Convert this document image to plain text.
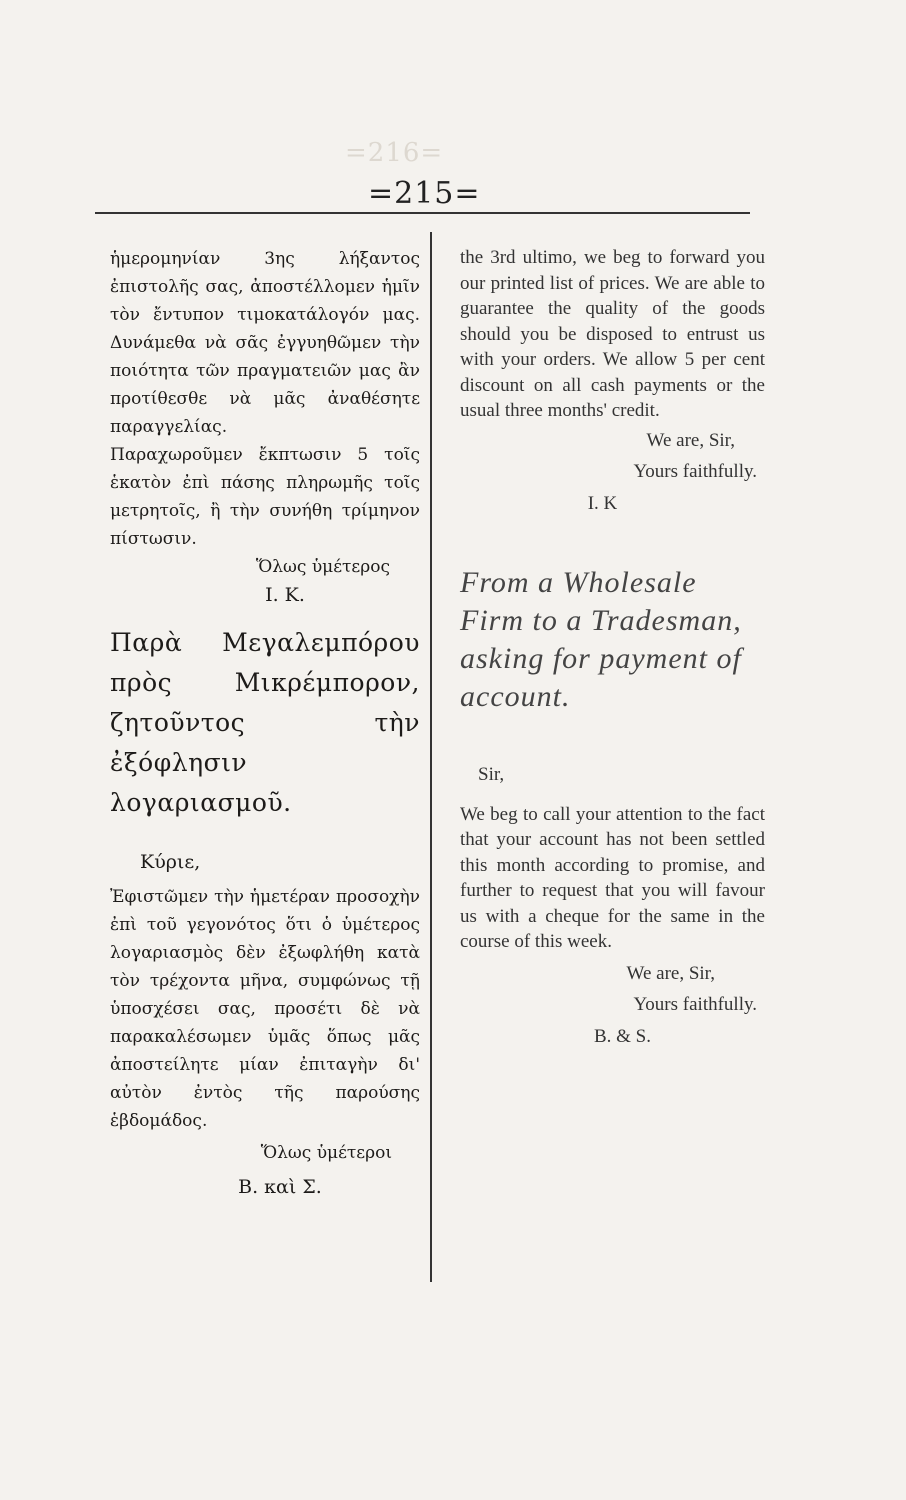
=216=
=215=

ἡμερομηνίαν 3ης λήξαντος ἐπιστολῆς σας, ἀποστέλλομεν ἡμῖν τὸν ἔντυπον τιμοκατάλογόν μας. Δυνάμεθα νὰ σᾶς ἐγγυηθῶμεν τὴν ποιότητα τῶν πραγματειῶν μας ἂν προτίθεσθε νὰ μᾶς ἀναθέσητε παραγγελίας.

Παραχωροῦμεν ἔκπτωσιν 5 τοῖς ἑκατὸν ἐπὶ πάσης πληρωμῆς τοῖς μετρητοῖς, ἢ τὴν συνήθη τρίμηνον πίστωσιν.

Ὅλως ὑμέτερος

I. K.

Παρὰ Μεγαλεμπόρου πρὸς Μικρέμπορον, ζητοῦντος τὴν ἐξόφλησιν λογαριασμοῦ.

Κύριε,

Ἐφιστῶμεν τὴν ἡμετέραν προσοχὴν ἐπὶ τοῦ γεγονότος ὅτι ὁ ὑμέτερος λογαριασμὸς δὲν ἐξωφλήθη κατὰ τὸν τρέχοντα μῆνα, συμφώνως τῇ ὑποσχέσει σας, προσέτι δὲ νὰ παρακαλέσωμεν ὑμᾶς ὅπως μᾶς ἀποστείλητε μίαν ἐπιταγὴν δι' αὐτὸν ἐντὸς τῆς παρούσης ἑβδομάδος.

Ὅλως ὑμέτεροι

Β. καὶ Σ.

the 3rd ultimo, we beg to forward you our printed list of prices. We are able to guarantee the quality of the goods should you be disposed to entrust us with your orders. We allow 5 per cent discount on all cash payments or the usual three months' credit.

We are, Sir,

Yours faithfully.

I. K

From a Wholesale Firm to a Tradesman, asking for payment of account.

Sir,

We beg to call your attention to the fact that your account has not been settled this month according to promise, and further to request that you will favour us with a cheque for the same in the course of this week.

We are, Sir,

Yours faithfully.

B. & S.
